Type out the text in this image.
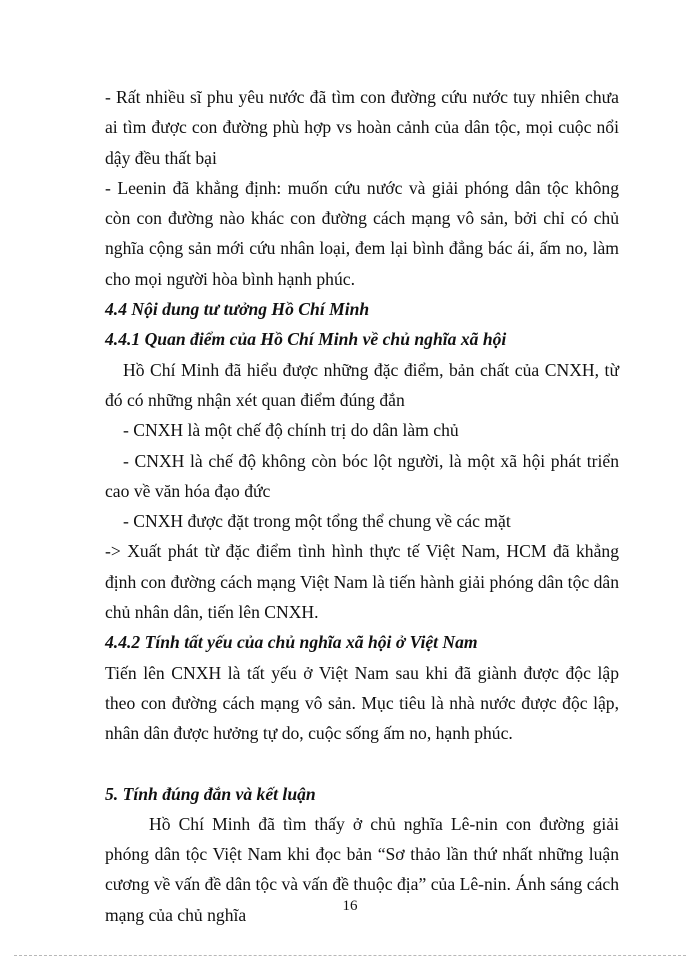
- Rất nhiều sĩ phu yêu nước đã tìm con đường cứu nước tuy nhiên chưa ai tìm được con đường phù hợp vs hoàn cảnh của dân tộc, mọi cuộc nổi dậy đều thất bại

- Leenin đã khẳng định: muốn cứu nước và giải phóng dân tộc không còn con đường nào khác con đường cách mạng vô sản, bởi chỉ có chủ nghĩa cộng sản mới cứu nhân loại, đem lại bình đẳng bác ái, ấm no, làm cho mọi người hòa bình hạnh phúc.

4.4 Nội dung tư tưởng Hồ Chí Minh

4.4.1 Quan điểm của Hồ Chí Minh về chủ nghĩa xã hội

Hồ Chí Minh đã hiểu được những đặc điểm, bản chất của CNXH, từ đó có những nhận xét quan điểm đúng đắn

- CNXH là một chế độ chính trị do dân làm chủ

- CNXH là chế độ không còn bóc lột người, là một xã hội phát triển cao về văn hóa đạo đức

- CNXH được đặt trong một tổng thể chung về các mặt

-> Xuất phát từ đặc điểm tình hình thực tế Việt Nam, HCM đã khẳng định con đường cách mạng Việt Nam là tiến hành giải phóng dân tộc dân chủ nhân dân, tiến lên CNXH.

4.4.2 Tính tất yếu của chủ nghĩa xã hội ở Việt Nam

Tiến lên CNXH là tất yếu ở Việt Nam sau khi đã giành được độc lập theo con đường cách mạng vô sản. Mục tiêu là nhà nước được độc lập, nhân dân được hưởng tự do, cuộc sống ấm no, hạnh phúc.

5. Tính đúng đắn và kết luận

Hồ Chí Minh đã tìm thấy ở chủ nghĩa Lê-nin con đường giải phóng dân tộc Việt Nam khi đọc bản “Sơ thảo lần thứ nhất những luận cương về vấn đề dân tộc và vấn đề thuộc địa” của Lê-nin. Ánh sáng cách mạng của chủ nghĩa	16
